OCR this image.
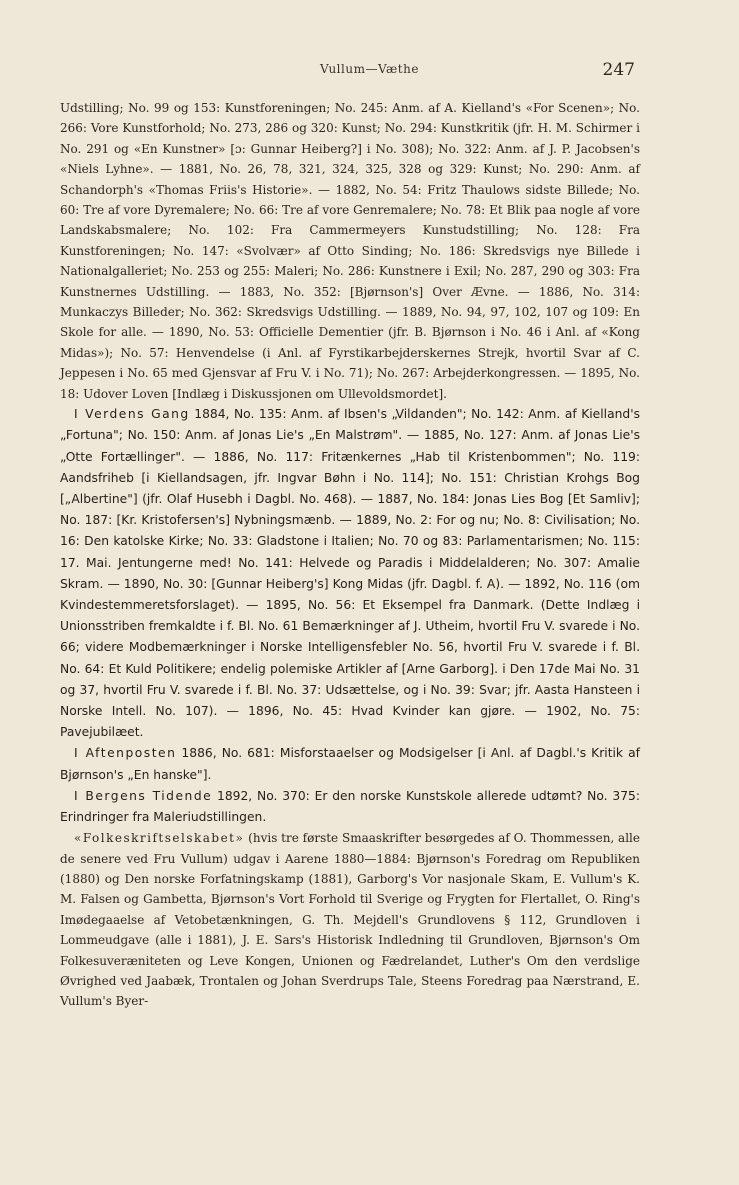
Vullum—Væthe	247

Udstilling; No. 99 og 153: Kunstforeningen; No. 245: Anm. af A. Kielland's «For Scenen»; No. 266: Vore Kunstforhold; No. 273, 286 og 320: Kunst; No. 294: Kunstkritik (jfr. H. M. Schirmer i No. 291 og «En Kunstner» [ɔ: Gunnar Heiberg?] i No. 308); No. 322: Anm. af J. P. Jacobsen's «Niels Lyhne». — 1881, No. 26, 78, 321, 324, 325, 328 og 329: Kunst; No. 290: Anm. af Schandorph's «Thomas Friis's Historie». — 1882, No. 54: Fritz Thaulows sidste Billede; No. 60: Tre af vore Dyremalere; No. 66: Tre af vore Genremalere; No. 78: Et Blik paa nogle af vore Landskabsmalere; No. 102: Fra Cammermeyers Kunstudstilling; No. 128: Fra Kunstforeningen; No. 147: «Svolvær» af Otto Sinding; No. 186: Skredsvigs nye Billede i Nationalgalleriet; No. 253 og 255: Maleri; No. 286: Kunstnere i Exil; No. 287, 290 og 303: Fra Kunstnernes Udstilling. — 1883, No. 352: [Bjørnson's] Over Ævne. — 1886, No. 314: Munkaczys Billeder; No. 362: Skredsvigs Udstilling. — 1889, No. 94, 97, 102, 107 og 109: En Skole for alle. — 1890, No. 53: Officielle Dementier (jfr. B. Bjørnson i No. 46 i Anl. af «Kong Midas»); No. 57: Henvendelse (i Anl. af Fyrstikarbejderskernes Strejk, hvortil Svar af C. Jeppesen i No. 65 med Gjensvar af Fru V. i No. 71); No. 267: Arbejderkongressen. — 1895, No. 18: Udover Loven [Indlæg i Diskussjonen om Ullevoldsmordet].

I Verdens Gang 1884, No. 135: Anm. af Ibsen's „Vildanden"; No. 142: Anm. af Kielland's „Fortuna"; No. 150: Anm. af Jonas Lie's „En Malstrøm". — 1885, No. 127: Anm. af Jonas Lie's „Otte Fortællinger". — 1886, No. 117: Fritænkernes „Hab til Kristenbommen"; No. 119: Aandsfriheb [i Kiellandsagen, jfr. Ingvar Bøhn i No. 114]; No. 151: Christian Krohgs Bog [„Albertine"] (jfr. Olaf Husebh i Dagbl. No. 468). — 1887, No. 184: Jonas Lies Bog [Et Samliv]; No. 187: [Kr. Kristofersen's] Nybningsmænb. — 1889, No. 2: For og nu; No. 8: Civilisation; No. 16: Den katolske Kirke; No. 33: Gladstone i Italien; No. 70 og 83: Parlamentarismen; No. 115: 17. Mai. Jentungerne med! No. 141: Helvede og Paradis i Middelalderen; No. 307: Amalie Skram. — 1890, No. 30: [Gunnar Heiberg's] Kong Midas (jfr. Dagbl. f. A). — 1892, No. 116 (om Kvindestemmeretsforslaget). — 1895, No. 56: Et Eksempel fra Danmark. (Dette Indlæg i Unionsstriben fremkaldte i f. Bl. No. 61 Bemærkninger af J. Utheim, hvortil Fru V. svarede i No. 66; videre Modbemærkninger i Norske Intelligensfebler No. 56, hvortil Fru V. svarede i f. Bl. No. 64: Et Kuld Politikere; endelig polemiske Artikler af [Arne Garborg]. i Den 17de Mai No. 31 og 37, hvortil Fru V. svarede i f. Bl. No. 37: Udsættelse, og i No. 39: Svar; jfr. Aasta Hansteen i Norske Intell. No. 107). — 1896, No. 45: Hvad Kvinder kan gjøre. — 1902, No. 75: Pavejubilæet.

I Aftenposten 1886, No. 681: Misforstaaelser og Modsigelser [i Anl. af Dagbl.'s Kritik af Bjørnson's „En hanske"].

I Bergens Tidende 1892, No. 370: Er den norske Kunstskole allerede udtømt? No. 375: Erindringer fra Maleriudstillingen.

«Folkeskriftselskabet» (hvis tre første Smaaskrifter besørgedes af O. Thommessen, alle de senere ved Fru Vullum) udgav i Aarene 1880—1884: Bjørnson's Foredrag om Republiken (1880) og Den norske Forfatningskamp (1881), Garborg's Vor nasjonale Skam, E. Vullum's K. M. Falsen og Gambetta, Bjørnson's Vort Forhold til Sverige og Frygten for Flertallet, O. Ring's Imødegaaelse af Vetobetænkningen, G. Th. Mejdell's Grundlovens § 112, Grundloven i Lommeudgave (alle i 1881), J. E. Sars's Historisk Indledning til Grundloven, Bjørnson's Om Folkesuveræniteten og Leve Kongen, Unionen og Fædrelandet, Luther's Om den verdslige Øvrighed ved Jaabæk, Trontalen og Johan Sverdrups Tale, Steens Foredrag paa Nærstrand, E. Vullum's Byer-
